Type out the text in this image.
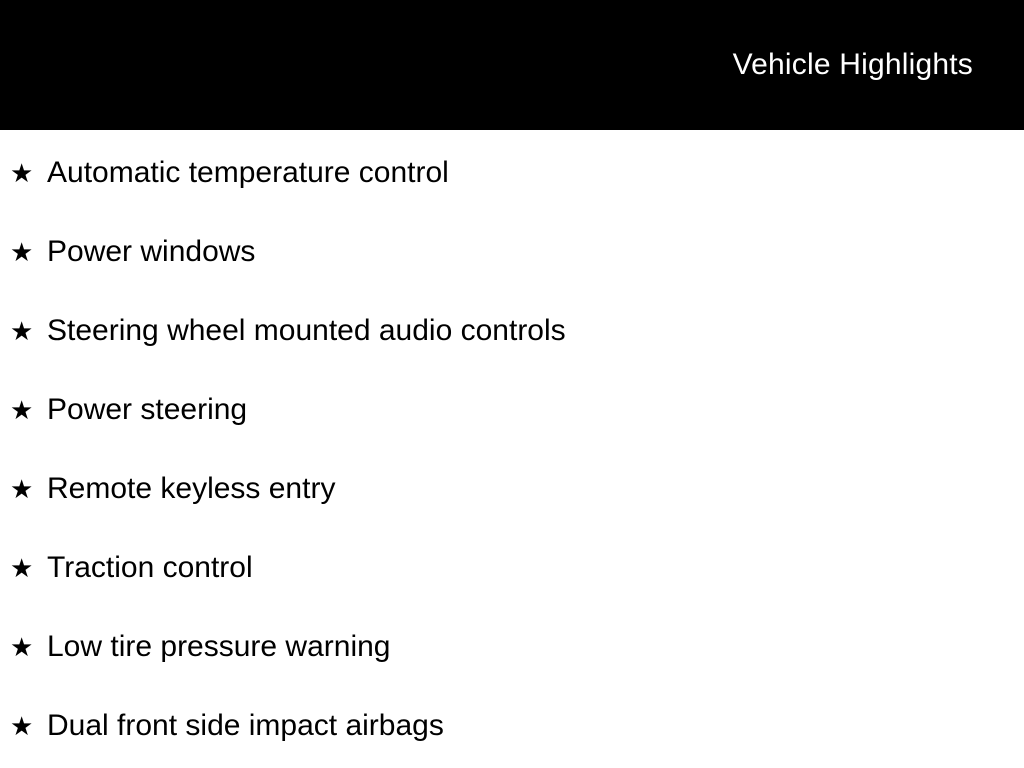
Vehicle Highlights
★ Automatic temperature control
★ Power windows
★ Steering wheel mounted audio controls
★ Power steering
★ Remote keyless entry
★ Traction control
★ Low tire pressure warning
★ Dual front side impact airbags
